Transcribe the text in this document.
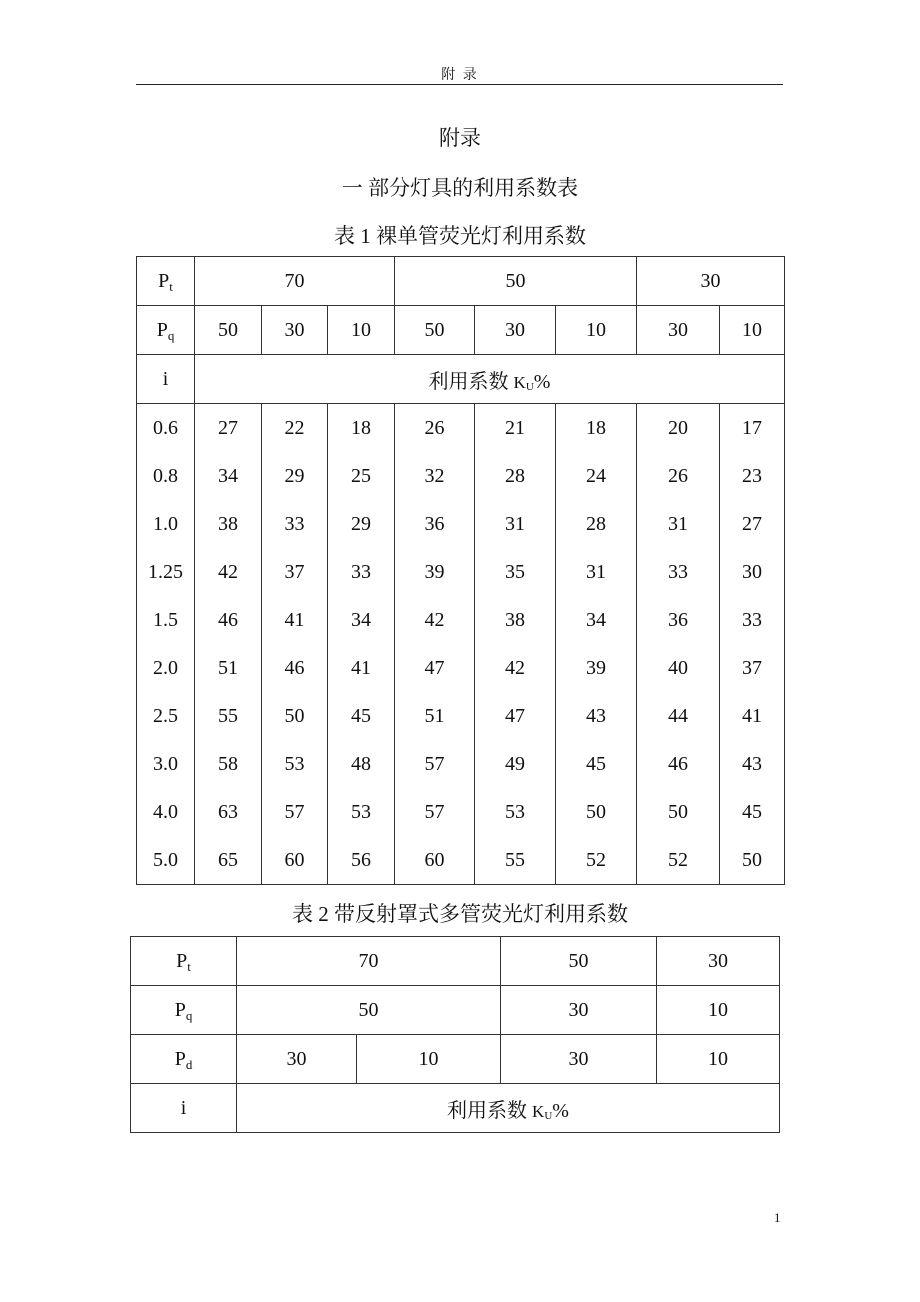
附 录
附录
一 部分灯具的利用系数表
表 1 裸单管荧光灯利用系数
$P_t$	70			50			30	
$P_q$	50	30	10	50	30	10	30	10
i	利用系数 $K_U\%$							
0.6	27	22	18	26	21	18	20	17
0.8	34	29	25	32	28	24	26	23
1.0	38	33	29	36	31	28	31	27
1.25	42	37	33	39	35	31	33	30
1.5	46	41	34	42	38	34	36	33
2.0	51	46	41	47	42	39	40	37
2.5	55	50	45	51	47	43	44	41
3.0	58	53	48	57	49	45	46	43
4.0	63	57	53	57	53	50	50	45
5.0	65	60	56	60	55	52	52	50
表 2 带反射罩式多管荧光灯利用系数
$P_t$	70		50	30
$P_q$	50		30	10
$P_d$	30	10	30	10
i	利用系数 $K_U\%$			
1
